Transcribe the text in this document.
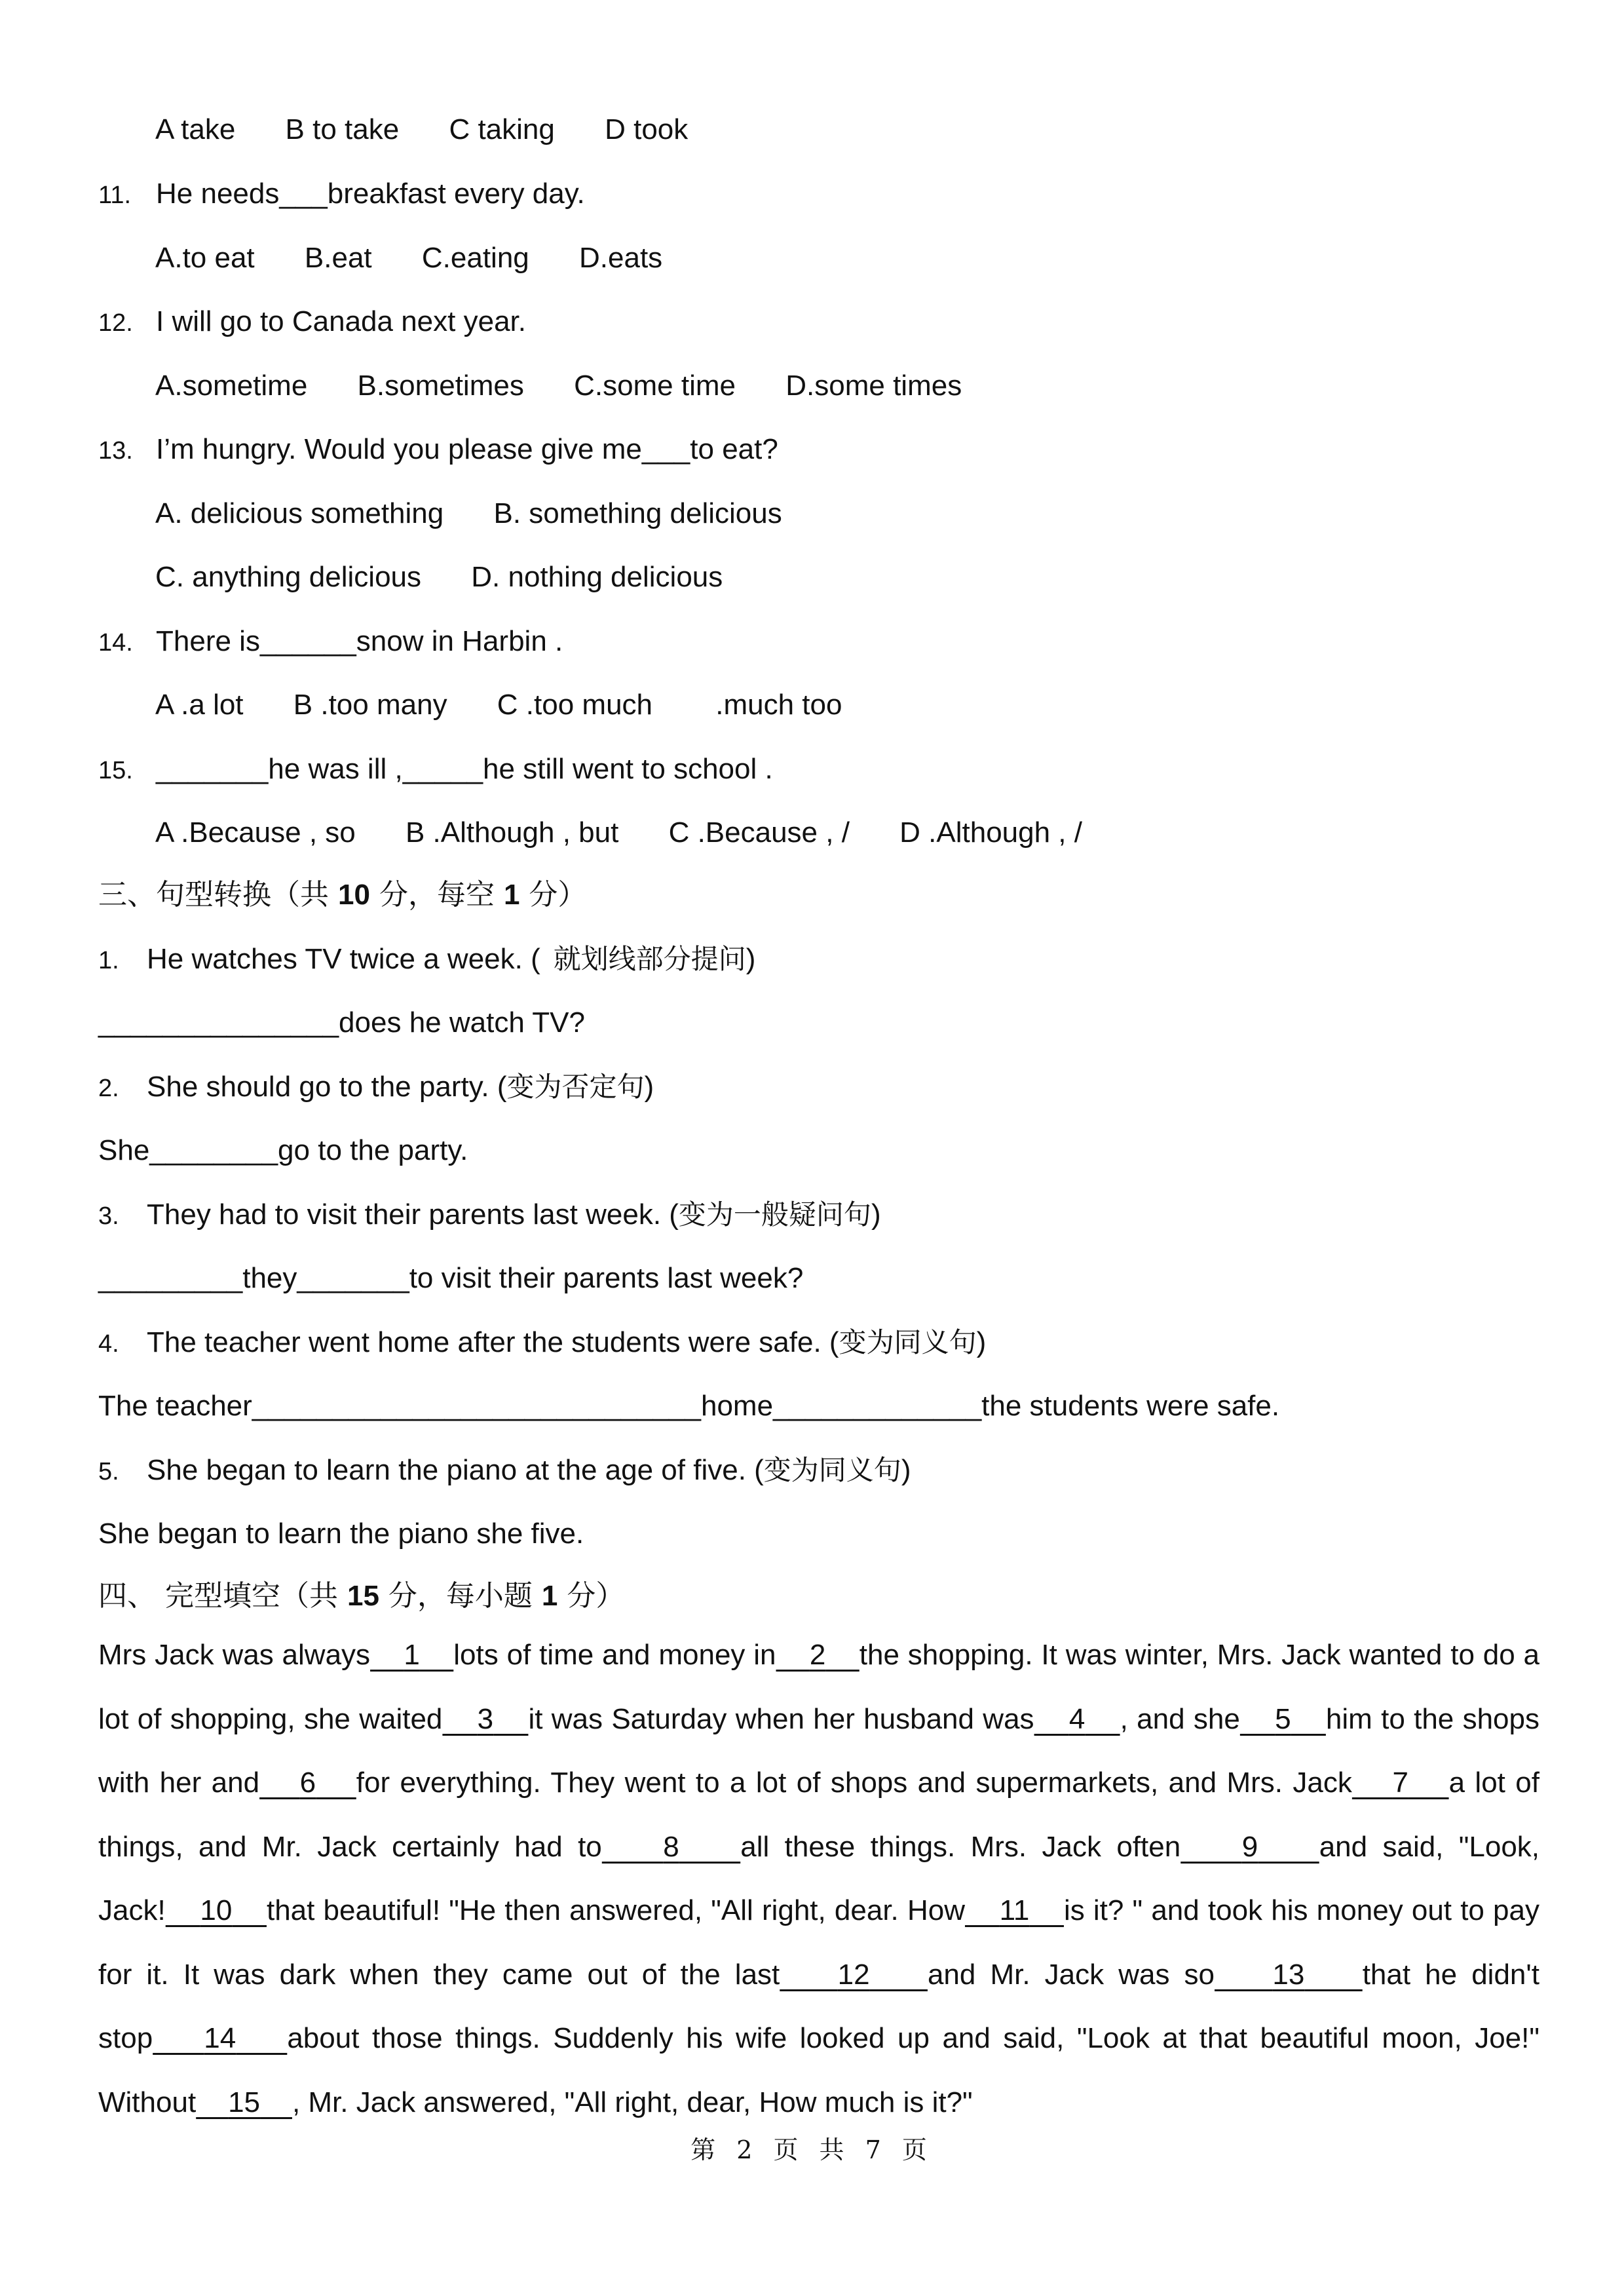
A take B to take C taking D took
11. He needs___breakfast every day.
A.to eat B.eat C.eating D.eats
12. I will go to Canada next year.
A.sometime B.sometimes C.some time D.some times
13. I’m hungry. Would you please give me___to eat?
A. delicious something B. something delicious
C. anything delicious D. nothing delicious
14. There is______snow in Harbin .
A .a lot B .too many C .too much .much too
15. _______he was ill ,_____he still went to school .
A .Because , so B .Although , but C .Because , / D .Although , /
三、句型转换（共 10 分，每空 1 分）
1. He watches TV twice a week. ( 就划线部分提问)
_______________does he watch TV?
2. She should go to the party. (变为否定句)
She________go to the party.
3. They had to visit their parents last week. (变为一般疑问句)
_________they_______to visit their parents last week?
4. The teacher went home after the students were safe. (变为同义句)
The teacher____________________________home_____________the students were safe.
5. She began to learn the piano at the age of five. (变为同义句)
She began to learn the piano she five.
四、 完型填空（共 15 分，每小题 1 分）
Mrs Jack was always 1 lots of time and money in 2 the shopping. It was winter, Mrs. Jack wanted to do a lot of shopping, she waited 3 it was Saturday when her husband was 4 , and she 5 him to the shops with her and 6 for everything. They went to a lot of shops and supermarkets, and Mrs. Jack 7 a lot of things, and Mr. Jack certainly had to 8 all these things. Mrs. Jack often 9 and said, "Look, Jack! 10 that beautiful! "He then answered, "All right, dear. How 11 is it? " and took his money out to pay for it. It was dark when they came out of the last 12 and Mr. Jack was so 13 that he didn't stop 14 about those things. Suddenly his wife looked up and said, "Look at that beautiful moon, Joe!" Without 15 , Mr. Jack answered, "All right, dear, How much is it?"
第 2 页 共 7 页
